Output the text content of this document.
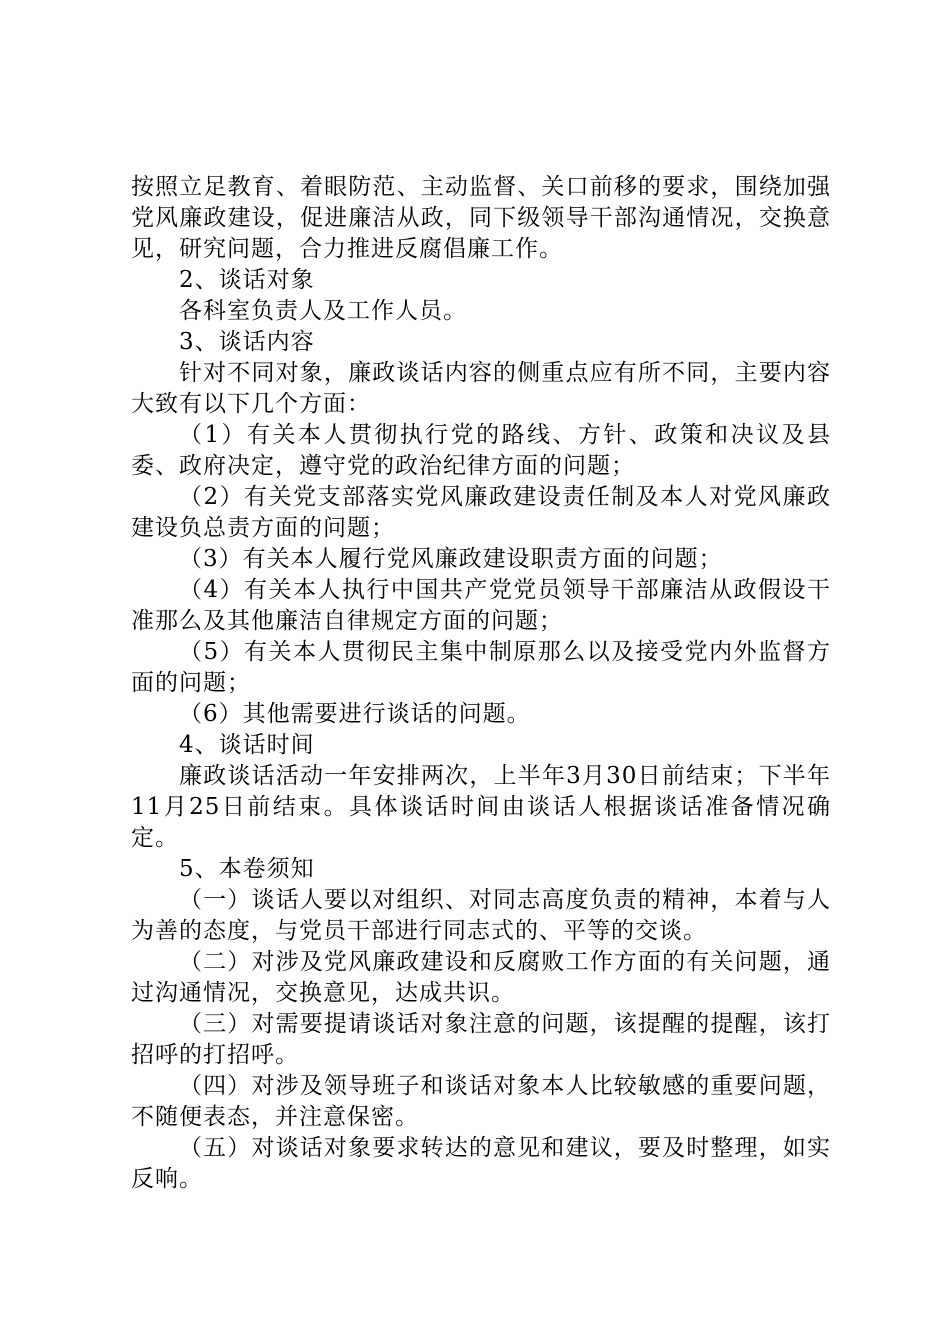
按照立足教育、着眼防范、主动监督、关口前移的要求，围绕加强党风廉政建设，促进廉洁从政，同下级领导干部沟通情况，交换意见，研究问题，合力推进反腐倡廉工作。

2、谈话对象

各科室负责人及工作人员。

3、谈话内容

针对不同对象，廉政谈话内容的侧重点应有所不同，主要内容大致有以下几个方面：

（1）有关本人贯彻执行党的路线、方针、政策和决议及县委、政府决定，遵守党的政治纪律方面的问题；

（2）有关党支部落实党风廉政建设责任制及本人对党风廉政建设负总责方面的问题；

（3）有关本人履行党风廉政建设职责方面的问题；

（4）有关本人执行中国共产党党员领导干部廉洁从政假设干准那么及其他廉洁自律规定方面的问题；

（5）有关本人贯彻民主集中制原那么以及接受党内外监督方面的问题；

（6）其他需要进行谈话的问题。

4、谈话时间

廉政谈话活动一年安排两次，上半年3月30日前结束；下半年11月25日前结束。具体谈话时间由谈话人根据谈话准备情况确定。

5、本卷须知

（一）谈话人要以对组织、对同志高度负责的精神，本着与人为善的态度，与党员干部进行同志式的、平等的交谈。

（二）对涉及党风廉政建设和反腐败工作方面的有关问题，通过沟通情况，交换意见，达成共识。

（三）对需要提请谈话对象注意的问题，该提醒的提醒，该打招呼的打招呼。

（四）对涉及领导班子和谈话对象本人比较敏感的重要问题，不随便表态，并注意保密。

（五）对谈话对象要求转达的意见和建议，要及时整理，如实反响。
